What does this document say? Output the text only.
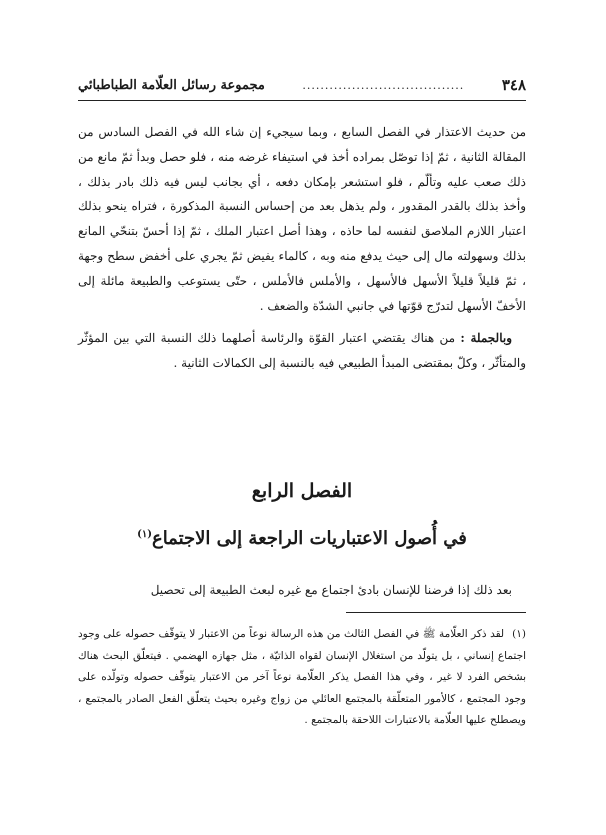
٣٤٨
....................................
مجموعة رسائل العلّامة الطباطبائي

من حديث الاعتذار في الفصل السابع ، وبما سيجيء إن شاء الله في الفصل السادس من المقالة الثانية ، ثمّ إذا توصّل بمراده أخذ في استيفاء غرضه منه ، فلو حصل وبدأ ثمّ مانع من ذلك صعب عليه وتألّم ، فلو استشعر بإمكان دفعه ، أي بجانب ليس فيه ذلك بادر بذلك ، وأخذ بذلك بالقدر المقدور ، ولم يذهل بعد من إحساس النسبة المذكورة ، فتراه ينحو بذلك اعتبار اللازم الملاصق لنفسه لما حاذه ، وهذا أصل اعتبار الملك ، ثمّ إذا أحسّ بتنحّي المانع بذلك وسهولته مال إلى حيث يدفع منه وبه ، كالماء يفيض ثمّ يجري على أخفض سطح وجهة ، ثمّ قليلاً قليلاً الأسهل فالأسهل ، والأملس فالأملس ، حتّى يستوعب والطبيعة مائلة إلى الأخفّ الأسهل لتدرّج قوّتها في جانبي الشدّة والضعف .

وبالجملة : من هناك يقتضي اعتبار القوّة والرئاسة أصلهما ذلك النسبة التي بين المؤثّر والمتأثّر ، وكلّ بمقتضى المبدأ الطبيعي فيه بالنسبة إلى الكمالات الثانية .

الفصل الرابع
في أُصول الاعتباريات الراجعة إلى الاجتماع$^{(١)}$
بعد ذلك إذا فرضنا للإنسان بادئ اجتماع مع غيره لبعث الطبيعة إلى تحصيل
(١)لقد ذكر العلّامة ﷺ في الفصل الثالث من هذه الرسالة نوعاً من الاعتبار لا يتوقّف حصوله على وجود اجتماع إنساني ، بل يتولّد من استغلال الإنسان لقواه الذاتيّة ، مثل جهازه الهضمي . فيتعلّق البحث هناك بشخص الفرد لا غير ، وفي هذا الفصل يذكر العلّامة نوعاً آخر من الاعتبار يتوقّف حصوله وتولّده على وجود المجتمع ، كالأمور المتعلّقة بالمجتمع العائلي من زواج وغيره بحيث يتعلّق الفعل الصادر بالمجتمع ، ويصطلح عليها العلّامة بالاعتبارات اللاحقة بالمجتمع .
